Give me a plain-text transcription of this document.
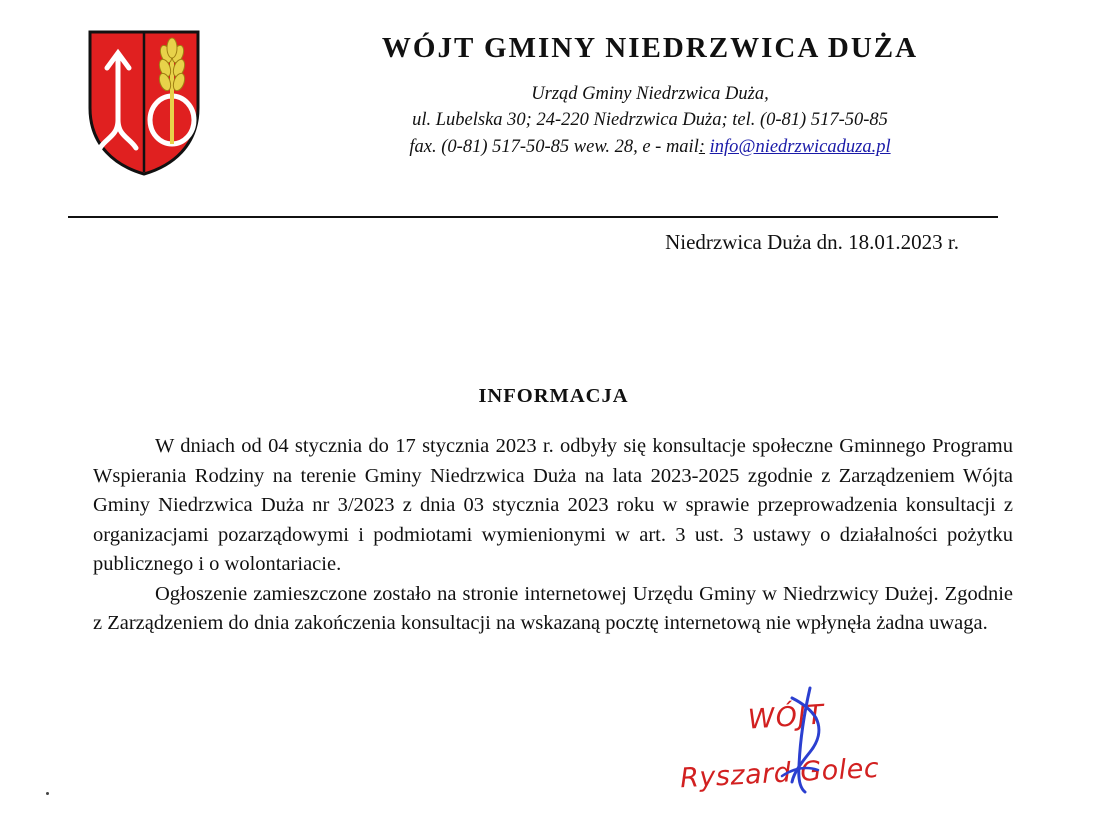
WÓJT GMINY NIEDRZWICA DUŻA
Urząd Gminy Niedrzwica Duża,
ul. Lubelska 30; 24-220 Niedrzwica Duża; tel. (0-81) 517-50-85
fax. (0-81) 517-50-85 wew. 28, e - mail: info@niedrzwicaduza.pl
Niedrzwica Duża dn. 18.01.2023 r.
INFORMACJA

W dniach od 04 stycznia do 17 stycznia 2023 r. odbyły się konsultacje społeczne Gminnego Programu Wspierania Rodziny na terenie Gminy Niedrzwica Duża na lata 2023-2025 zgodnie z Zarządzeniem Wójta Gminy Niedrzwica Duża nr 3/2023 z dnia 03 stycznia 2023 roku w sprawie przeprowadzenia konsultacji z organizacjami pozarządowymi i podmiotami wymienionymi w art. 3 ust. 3 ustawy o działalności pożytku publicznego i o wolontariacie.

Ogłoszenie zamieszczone zostało na stronie internetowej Urzędu Gminy w Niedrzwicy Dużej. Zgodnie z Zarządzeniem do dnia zakończenia konsultacji na wskazaną pocztę internetową nie wpłynęła żadna uwaga.

WÓJT
Ryszard Golec
